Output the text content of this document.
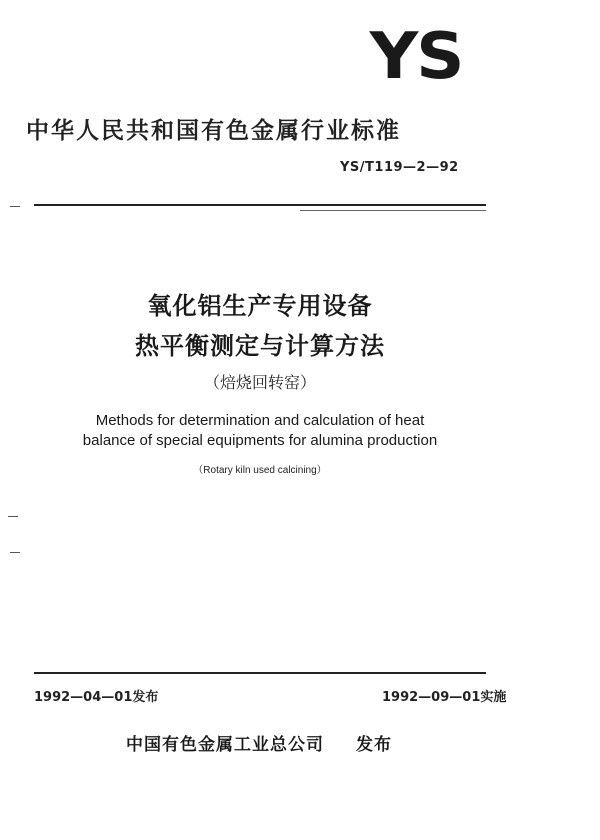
YS
中华人民共和国有色金属行业标准
YS/T119—2—92
氧化铝生产专用设备
热平衡测定与计算方法
（焙烧回转窑）
Methods for determination and calculation of heat
balance of special equipments for alumina production
（Rotary kiln used calcining）
1992—04—01发布	1992—09—01实施
中国有色金属工业总公司 发布
